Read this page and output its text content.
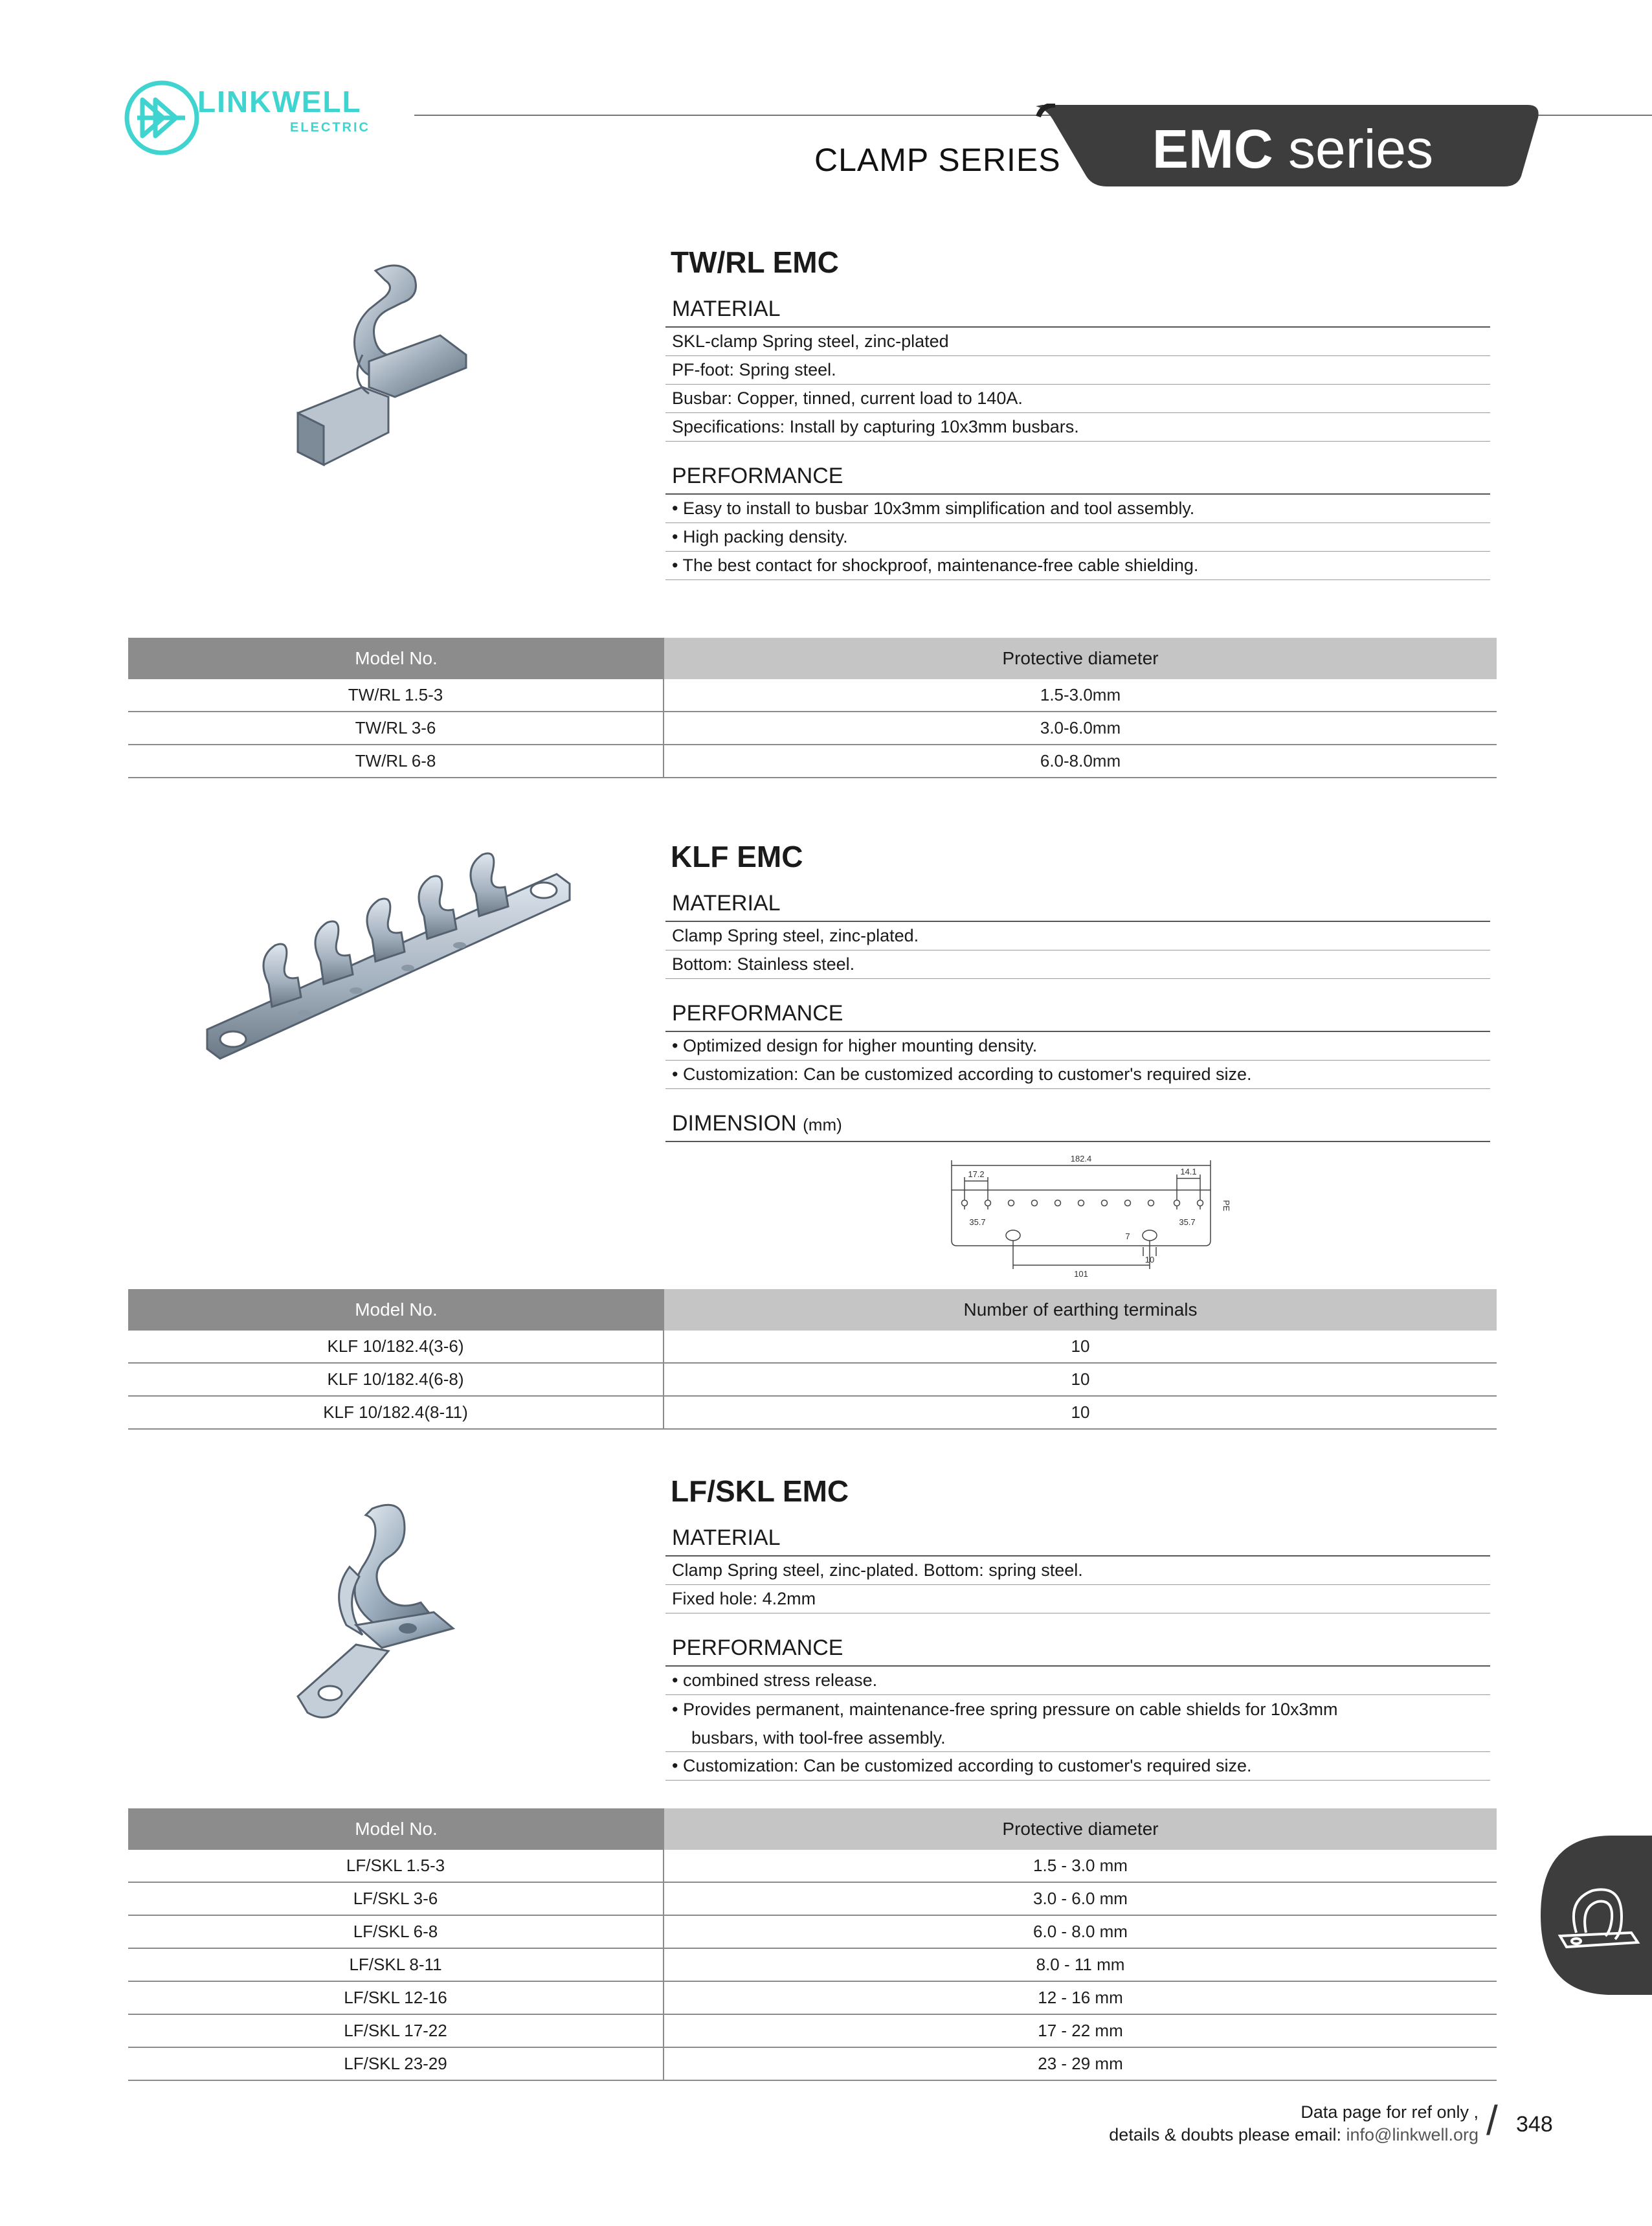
LINKWELL
ELECTRIC
CLAMP SERIES EMC series
TW/RL EMC
MATERIAL
SKL-clamp Spring steel, zinc-plated
PF-foot: Spring steel.
Busbar: Copper, tinned, current load to 140A.
Specifications: Install by capturing 10x3mm busbars.
PERFORMANCE
• Easy to install to busbar 10x3mm simplification and tool assembly.
• High packing density.
• The best contact for shockproof, maintenance-free cable shielding.
Model No.	Protective diameter
TW/RL 1.5-3	1.5-3.0mm
TW/RL 3-6	3.0-6.0mm
TW/RL 6-8	6.0-8.0mm
KLF EMC
MATERIAL
Clamp Spring steel, zinc-plated.
Bottom: Stainless steel.
PERFORMANCE
• Optimized design for higher mounting density.
• Customization: Can be customized according to customer's required size.
DIMENSION (mm)
182.4
17.2	14.1
35.7	35.7
101
10
7
PE
Model No.	Number of earthing terminals
KLF 10/182.4(3-6)	10
KLF 10/182.4(6-8)	10
KLF 10/182.4(8-11)	10
LF/SKL EMC
MATERIAL
Clamp Spring steel, zinc-plated. Bottom: spring steel.
Fixed hole: 4.2mm
PERFORMANCE
• combined stress release.
• Provides permanent, maintenance-free spring pressure on cable shields for 10x3mm
busbars, with tool-free assembly.
• Customization: Can be customized according to customer's required size.
Model No.	Protective diameter
LF/SKL 1.5-3	1.5 - 3.0 mm
LF/SKL 3-6	3.0 - 6.0 mm
LF/SKL 6-8	6.0 - 8.0 mm
LF/SKL 8-11	8.0 - 11 mm
LF/SKL 12-16	12 - 16 mm
LF/SKL 17-22	17 - 22 mm
LF/SKL 23-29	23 - 29 mm
Data page for ref only ,
details & doubts please email: info@linkwell.org / 348
